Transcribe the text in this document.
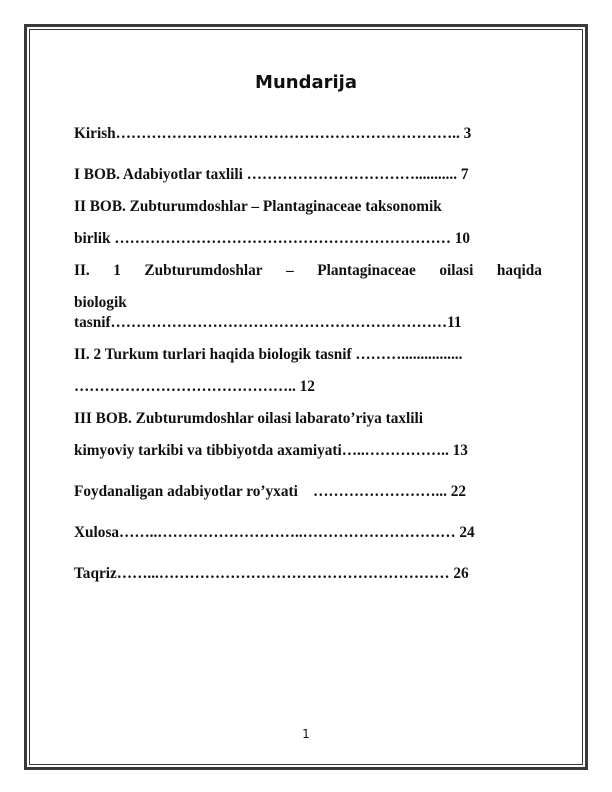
Mundarija
Kirish………………………………………………………….. 3
I BOB. Adabiyotlar taxlili ……………………………........... 7
II BOB. Zubturumdoshlar – Plantaginaceae taksonomik
birlik ………………………………………………………… 10
II. 1 Zubturumdoshlar – Plantaginaceae oilasi haqida
biologik
tasnif…………………………………………………………11
II. 2 Turkum turlari haqida biologik tasnif ………................
…………………………………….. 12
III BOB. Zubturumdoshlar oilasi labarato’riya taxlili
kimyoviy tarkibi va tibbiyotda axamiyati…..…………….. 13
Foydanaligan adabiyotlar ro’yxati    ……………………... 22
Xulosa……..………………………..………………………… 24
Taqriz……...………………………………………………… 26
1
